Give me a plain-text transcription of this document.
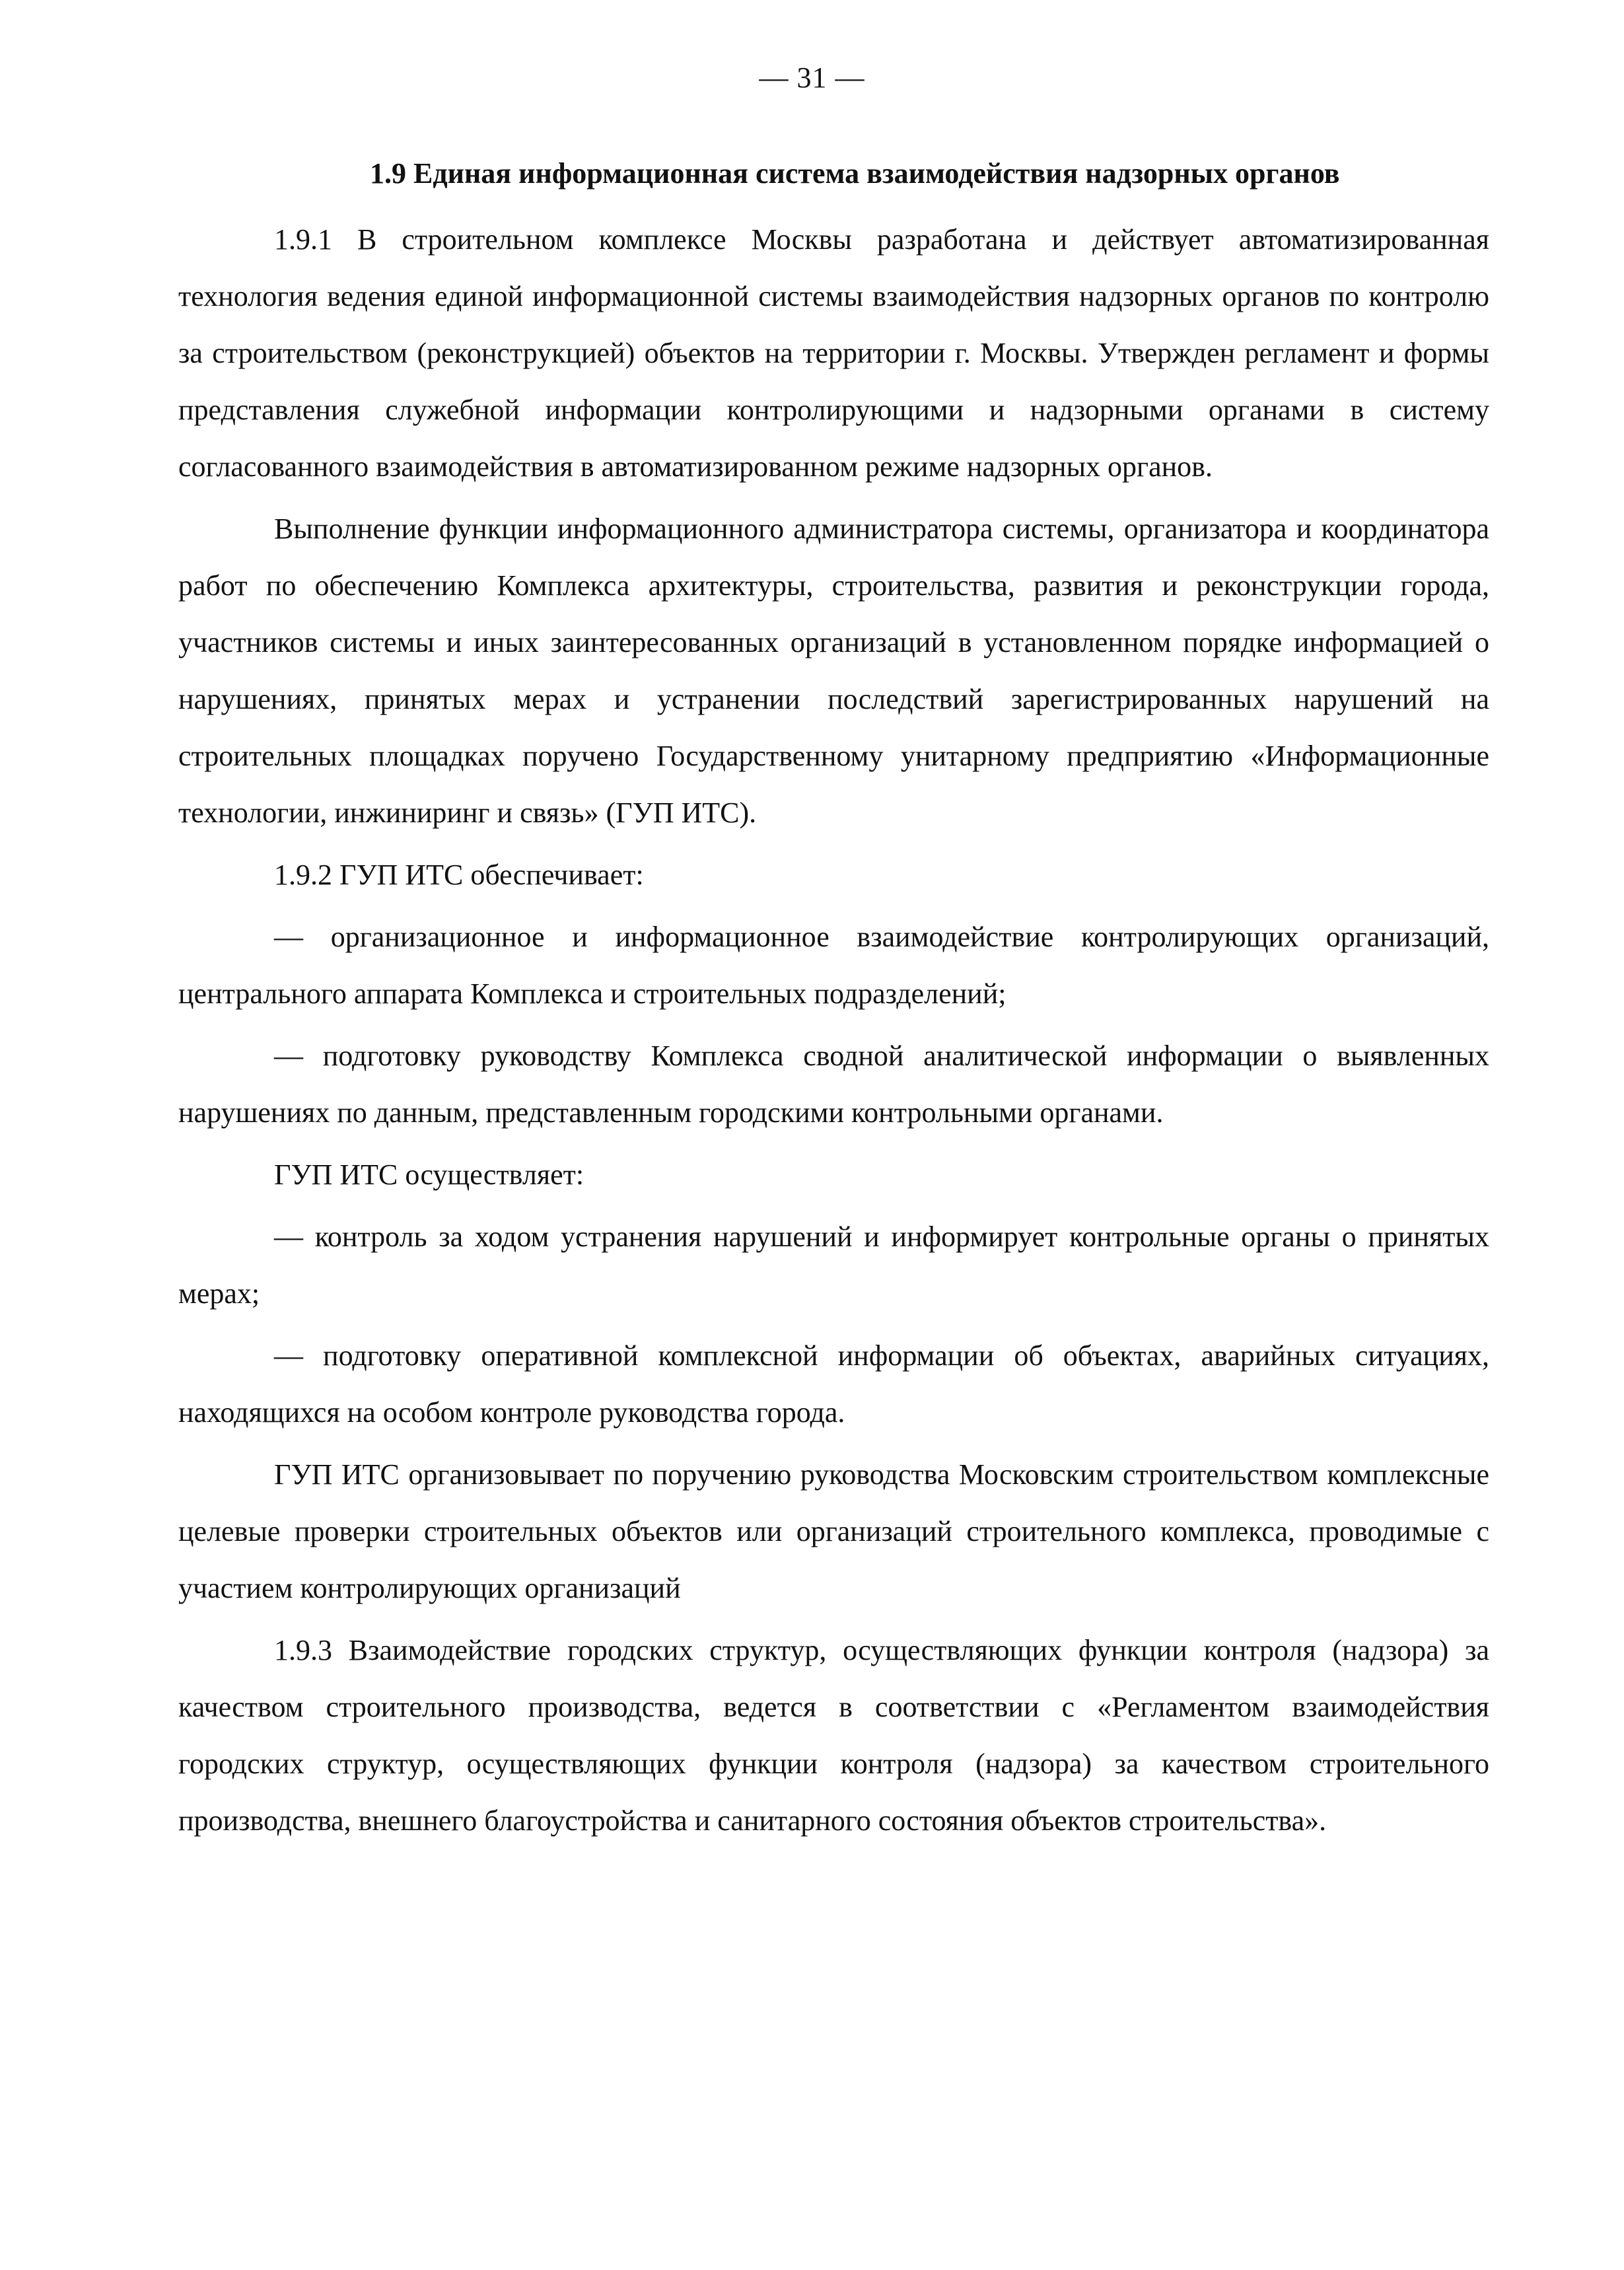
— 31 —
1.9 Единая информационная система взаимодействия надзорных органов

1.9.1 В строительном комплексе Москвы разработана и действует автоматизированная технология ведения единой информационной системы взаимодействия надзорных органов по контролю за строительством (реконструкцией) объектов на территории г. Москвы. Утвержден регламент и формы представления служебной информации контролирующими и надзорными органами в систему согласованного взаимодействия в автоматизированном режиме надзорных органов.

Выполнение функции информационного администратора системы, организатора и координатора работ по обеспечению Комплекса архитектуры, строительства, развития и реконструкции города, участников системы и иных заинтересованных организаций в установленном порядке информацией о нарушениях, принятых мерах и устранении последствий зарегистрированных нарушений на строительных площадках поручено Государственному унитарному предприятию «Информационные технологии, инжиниринг и связь» (ГУП ИТС).

1.9.2 ГУП ИТС обеспечивает:

— организационное и информационное взаимодействие контролирующих организаций, центрального аппарата Комплекса и строительных подразделений;

— подготовку руководству Комплекса сводной аналитической информации о выявленных нарушениях по данным, представленным городскими контрольными органами.

ГУП ИТС осуществляет:

— контроль за ходом устранения нарушений и информирует контрольные органы о принятых мерах;

— подготовку оперативной комплексной информации об объектах, аварийных ситуациях, находящихся на особом контроле руководства города.

ГУП ИТС организовывает по поручению руководства Московским строительством комплексные целевые проверки строительных объектов или организаций строительного комплекса, проводимые с участием контролирующих организаций

1.9.3 Взаимодействие городских структур, осуществляющих функции контроля (надзора) за качеством строительного производства, ведется в соответствии с «Регламентом взаимодействия городских структур, осуществляющих функции контроля (надзора) за качеством строительного производства, внешнего благоустройства и санитарного состояния объектов строительства».
